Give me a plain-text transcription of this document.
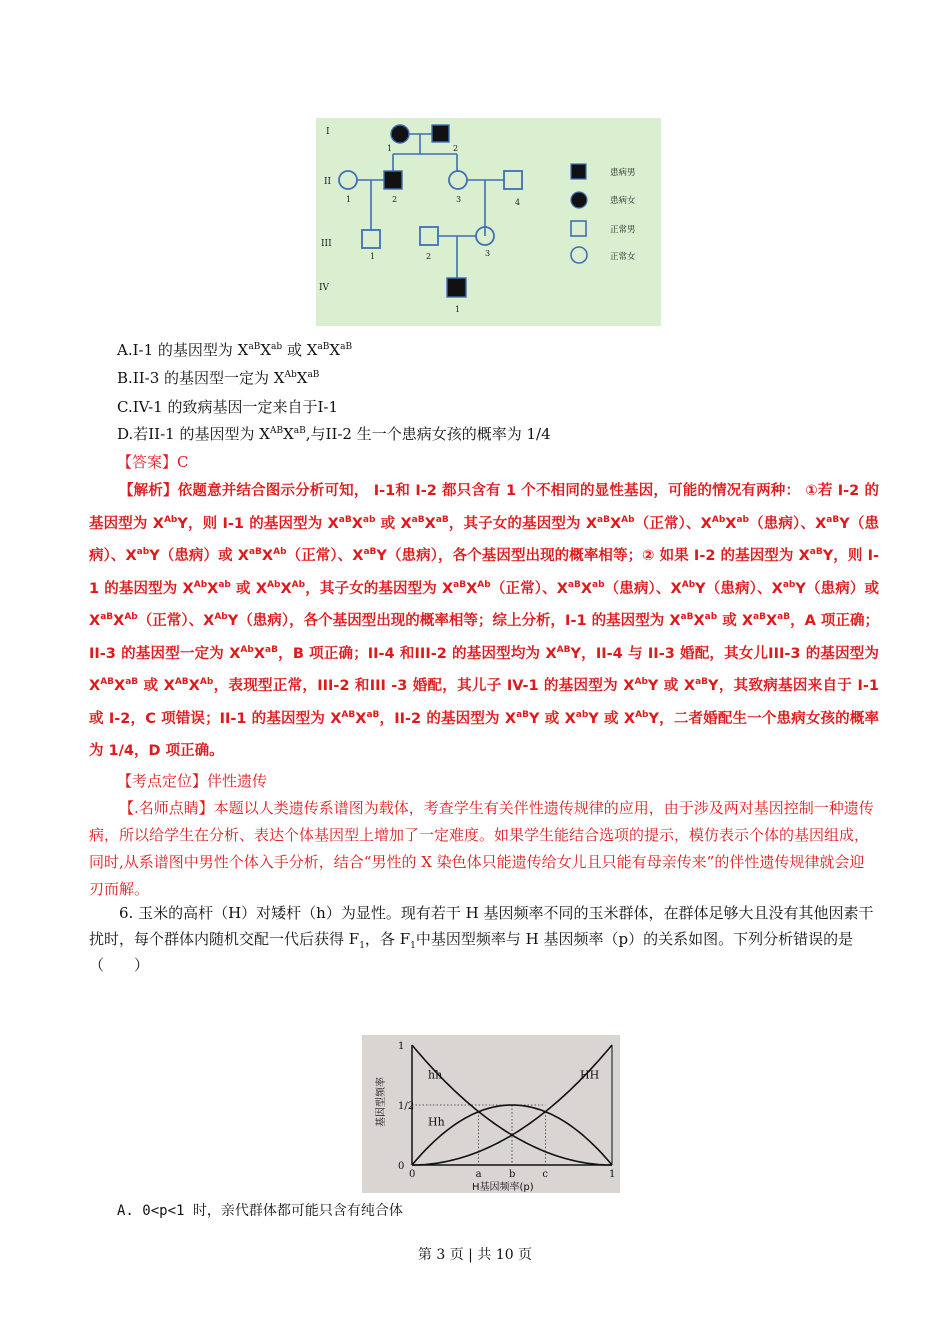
I
II
III
IV
1	2
1	2	3	4
1	2	3
1
患病男
患病女
正常男
正常女
A.I-1 的基因型为 $X^{aB}X^{ab}$ 或 $X^{aB}X^{aB}$
B.II-3 的基因型一定为 $X^{Ab}X^{aB}$
C.IV-1 的致病基因一定来自于I-1
D.若II-1 的基因型为 $X^{AB}X^{aB}$,与II-2 生一个患病女孩的概率为 1/4
【答案】C
【解析】依题意并结合图示分析可知， I-1和 I-2 都只含有 1 个不相同的显性基因，可能的情况有两种： ①若 I-2 的基因型为 $X^{Ab}Y$，则 I-1 的基因型为 $X^{aB}X^{ab}$ 或 $X^{aB}X^{aB}$，其子女的基因型为 $X^{aB}X^{Ab}$（正常）、$X^{Ab}X^{ab}$（患病）、$X^{aB}Y$（患病）、$X^{ab}Y$（患病）或 $X^{aB}X^{Ab}$（正常）、$X^{aB}Y$（患病），各个基因型出现的概率相等；② 如果 I-2 的基因型为 $X^{aB}Y$，则 I-1 的基因型为 $X^{Ab}X^{ab}$ 或 $X^{Ab}X^{Ab}$，其子女的基因型为 $X^{aB}X^{Ab}$（正常）、$X^{aB}X^{ab}$（患病）、$X^{Ab}Y$（患病）、$X^{ab}Y$（患病）或 $X^{aB}X^{Ab}$（正常）、$X^{Ab}Y$（患病），各个基因型出现的概率相等；综上分析，I-1 的基因型为 $X^{aB}X^{ab}$ 或 $X^{aB}X^{aB}$，A 项正确；II-3 的基因型一定为 $X^{Ab}X^{aB}$，B 项正确；II-4 和III-2 的基因型均为 $X^{AB}Y$，II-4 与 II-3 婚配，其女儿III-3 的基因型为 $X^{AB}X^{aB}$ 或 $X^{AB}X^{Ab}$，表现型正常，III-2 和III -3 婚配，其儿子 IV-1 的基因型为 $X^{Ab}Y$ 或 $X^{aB}Y$，其致病基因来自于 I-1 或 I-2，C 项错误；II-1 的基因型为 $X^{AB}X^{aB}$，II-2 的基因型为 $X^{aB}Y$ 或 $X^{ab}Y$ 或 $X^{Ab}Y$，二者婚配生一个患病女孩的概率为 1/4，D 项正确。
【考点定位】伴性遗传
【.名师点睛】本题以人类遗传系谱图为载体，考查学生有关伴性遗传规律的应用，由于涉及两对基因控制一种遗传病，所以给学生在分析、表达个体基因型上增加了一定难度。如果学生能结合选项的提示，模仿表示个体的基因组成，同时,从系谱图中男性个体入手分析，结合“男性的 X 染色体只能遗传给女儿且只能有母亲传来”的伴性遗传规律就会迎刃而解。
6. 玉米的高杆（H）对矮杆（h）为显性。现有若干 H 基因频率不同的玉米群体，在群体足够大且没有其他因素干扰时，每个群体内随机交配一代后获得 $F_1$，各 $F_1$中基因型频率与 H 基因频率（p）的关系如图。下列分析错误的是（　　）
hh	HH
Hh
0	a	b	c	1
0
1/2
1
H基因频率(p)
基因型频率
A. 0<p<1 时，亲代群体都可能只含有纯合体
第 3 页 | 共 10 页
